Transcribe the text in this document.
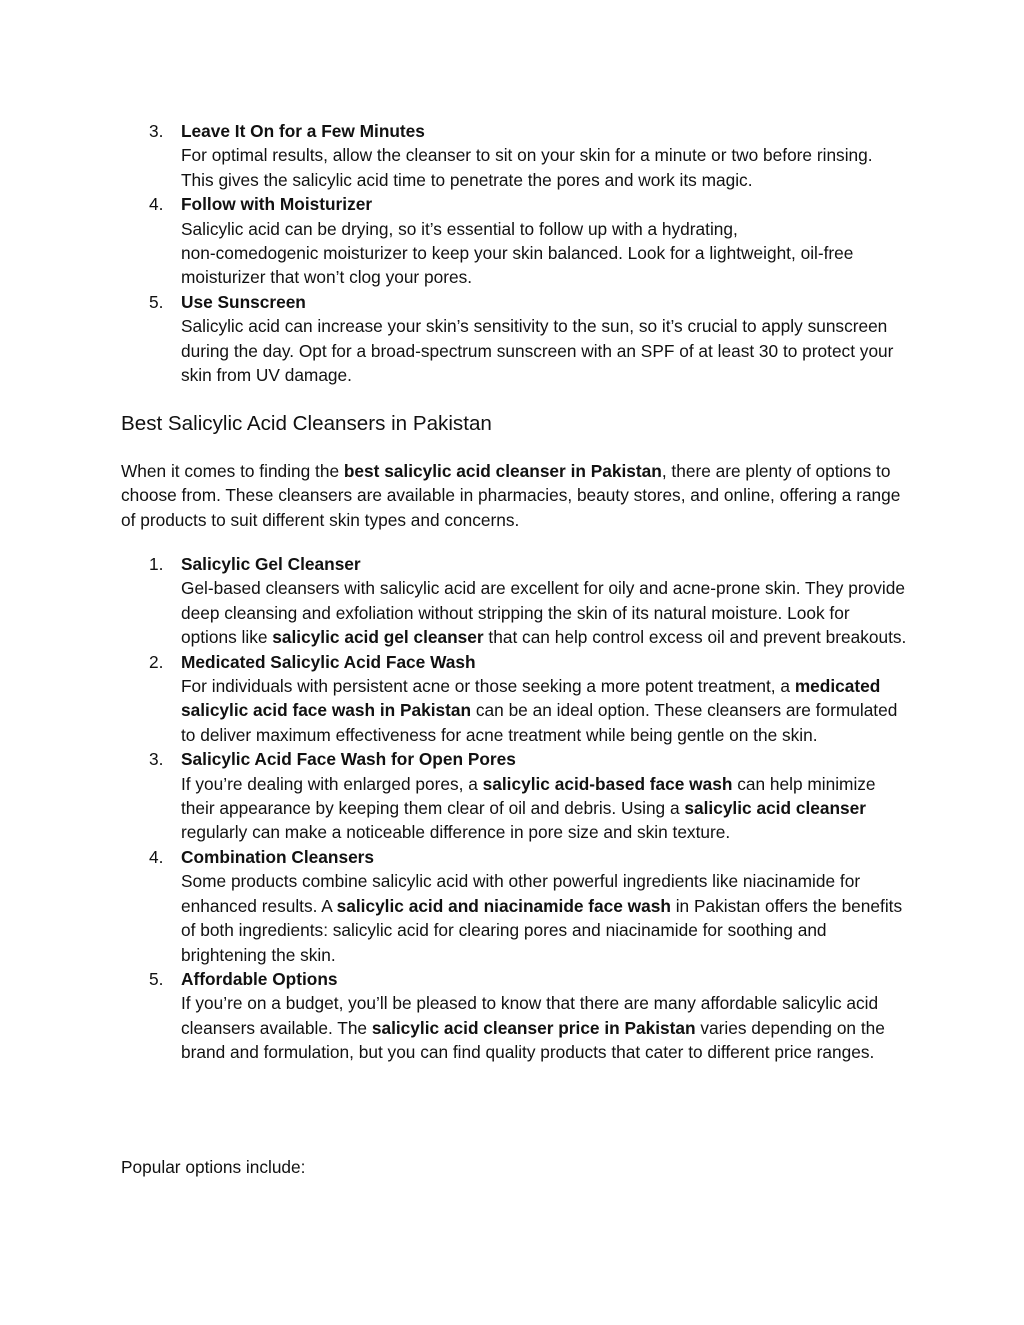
3.	Leave It On for a Few Minutes
For optimal results, allow the cleanser to sit on your skin for a minute or two before rinsing. This gives the salicylic acid time to penetrate the pores and work its magic.
4.	Follow with Moisturizer
Salicylic acid can be drying, so it’s essential to follow up with a hydrating,
non-comedogenic moisturizer to keep your skin balanced. Look for a lightweight, oil-free moisturizer that won’t clog your pores.
5.	Use Sunscreen
Salicylic acid can increase your skin’s sensitivity to the sun, so it’s crucial to apply sunscreen during the day. Opt for a broad-spectrum sunscreen with an SPF of at least 30 to protect your skin from UV damage.
Best Salicylic Acid Cleansers in Pakistan

When it comes to finding the best salicylic acid cleanser in Pakistan, there are plenty of options to choose from. These cleansers are available in pharmacies, beauty stores, and online, offering a range of products to suit different skin types and concerns.

1.	Salicylic Gel Cleanser
Gel-based cleansers with salicylic acid are excellent for oily and acne-prone skin. They provide deep cleansing and exfoliation without stripping the skin of its natural moisture. Look for options like salicylic acid gel cleanser that can help control excess oil and prevent breakouts.
2.	Medicated Salicylic Acid Face Wash
For individuals with persistent acne or those seeking a more potent treatment, a medicated salicylic acid face wash in Pakistan can be an ideal option. These cleansers are formulated to deliver maximum effectiveness for acne treatment while being gentle on the skin.
3.	Salicylic Acid Face Wash for Open Pores
If you’re dealing with enlarged pores, a salicylic acid-based face wash can help minimize their appearance by keeping them clear of oil and debris. Using a salicylic acid cleanser regularly can make a noticeable difference in pore size and skin texture.
4.	Combination Cleansers
Some products combine salicylic acid with other powerful ingredients like niacinamide for enhanced results. A salicylic acid and niacinamide face wash in Pakistan offers the benefits of both ingredients: salicylic acid for clearing pores and niacinamide for soothing and brightening the skin.
5.	Affordable Options
If you’re on a budget, you’ll be pleased to know that there are many affordable salicylic acid cleansers available. The salicylic acid cleanser price in Pakistan varies depending on the brand and formulation, but you can find quality products that cater to different price ranges.

Popular options include:
